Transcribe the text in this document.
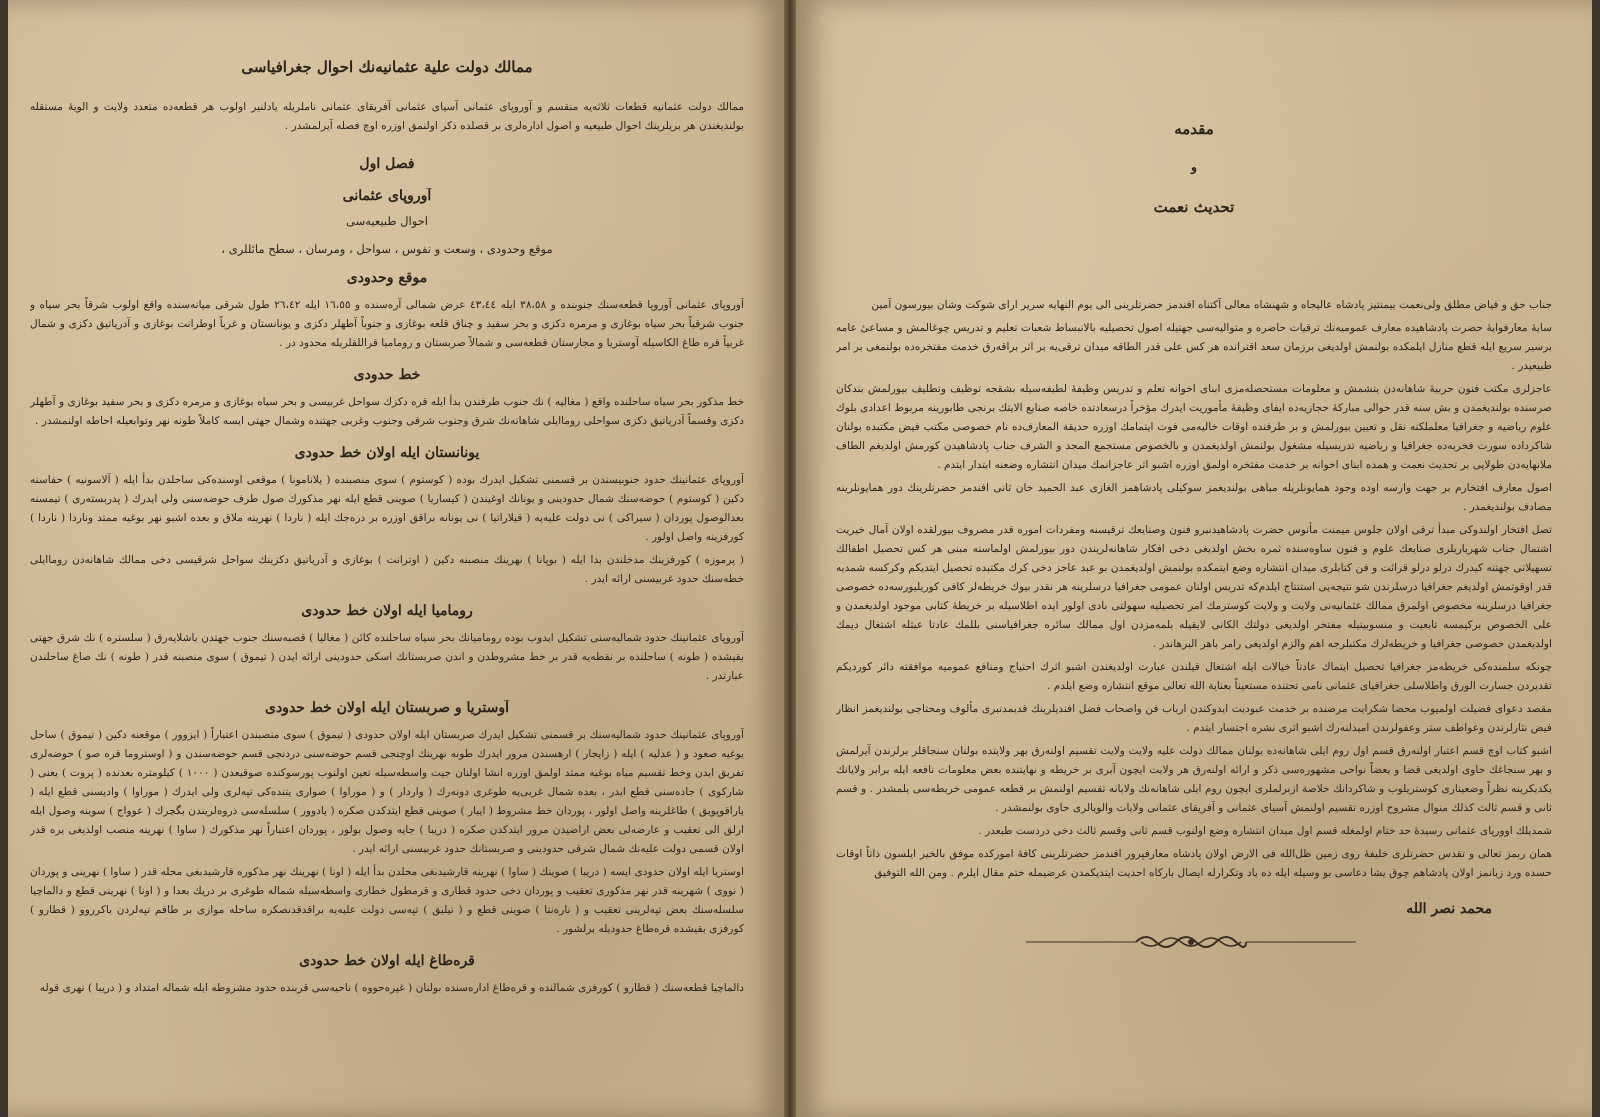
ممالك دولت علية عثمانيه‌نك احوال جغرافياسى
ممالك دولت عثمانيه قطعات ثلاثه‌يه منقسم و آوروپاى عثمانى آسياى عثمانى آفريقاى عثمانى ناملريله يادلنير اولوب هر قطعه‌ده متعدد ولايت و الويهٔ مستقله بولنديغندن هر بريلرينك احوال طبيعيه و اصول اداره‌لرى بر قصلده ذكر اولنمق اوزره اوچ فصله آيرلمشدر .
فصل اول
آوروپاى عثمانى
احوال طبيعيه‌سى
موقع وحدودى ، وسعت و نفوس ، سواحل ، ومرسان ، سطح مائللرى ،
موقع وحدودى
آوروپاى عثمانى آوروپا قطعه‌سنك جنوبنده و ٣٨،٥٨ ايله ٤٣،٤٤ عرض شمالى آره‌سنده و ١٦،٥٥ ايله ٢٦،٤٢ طول شرقى ميانه‌سنده واقع اولوب شرقاً بحر سياه و جنوب شرقياً بحر سياه بوغازى و مرمره دكزى و بحر سفيد و چناق قلعه بوغازى و جنوباً آطهلر دكزى و يونانستان و غرباً اوطرانت بوغازى و آدرياتيق دكزى و شمال غربياً قره طاغ الكاسيله آوستريا و مجارستان قطعه‌سى و شمالاً صربستان و روماميا قراللقلريله محدود در .
خط حدودى
خط مذكور بحر سياه ساحلنده واقع ( مغاليه ) نك جنوب طرفندن بدأ ايله قره دكزك سواحل غربيسى و بحر سياه بوغازى و مرمره دكزى و بحر سفيد بوغازى و آطهلر دكزى وقسماً آدرياتيق دكزى سواحلى روماايلى شاهانه‌نك شرق وجنوب شرقى وجنوب وغربى جهتنده وشمال جهتى ايسه كاملاً طونه نهر وتوابعيله احاطه اولنمشدر .
يونانستان ايله اولان خط حدودى
آوروپاى عثمانينك حدود جنوبيسندن بر قسمنى تشكيل ايدرك بوده ( كوستوم ) سوى منصبنده ( يلانامونا ) موقعى اوسنده‌كى ساحلدن بدأ ايله ( آلاسونيه ) حفاسنه دكين ( كوستوم ) حوضه‌سنك شمال حدودينى و يونانك اوغيندن ( كيساريا ) صوينى قطع ايله نهر مذكورك صول طرف حوضه‌سنى ولى ايدرك ( پدربسته‌رى ) تيمسنه بعدالوصول پوردان ( سيراكى ) نى دولت عليه‌يه ( قيلاراتيا ) نى يونانه براقق اوزره بر دره‌جك ايله ( ناردا ) نهرينه ملاق و بعده اشبو نهر بوغيه ممتد وناردا ( ناردا ) كورفزينه واصل اولور .
( پرموزه ) كورفزينك مدخلندن بدا ايله ( بوپانا ) نهرينك منصبنه دكين ( اوترانت ) بوغازى و آدرياتيق دكزينك سواحل شرقيسى دخى ممالك شاهانه‌دن روماايلى خطه‌سنك حدود غربيسنى ارائه ايدر .
روماميا ايله اولان خط حدودى
آوروپاى عثمانينك حدود شماليه‌سنى تشكيل ايدوب بوده روماميانك بحر سياه ساحلنده كائن ( مغاليا ) قصبه‌سنك جنوب جهتدن باشلايه‌رق ( سلستره ) نك شرق جهتى بقيشده ( طونه ) ساحلنده بر نقطه‌يه قدر بر خط مشروطدن و اندن صربستانك اسكى حدودينى ارائه ايدن ( تيموق ) سوى منصبنه قدر ( طونه ) نك صاغ ساحلندن عبارتدر .
آوستريا و صربستان ايله اولان خط حدودى
آوروپاى عثمانينك حدود شماليه‌سنك بر قسمنى تشكيل ايدرك صربستان ايله اولان حدودى ( تيموق ) سوى منصبندن اعتباراً ( ايزوور ) موقعنه دكين ( تيموق ) ساحل يوغيه صعود و ( عدليه ) ايله ( زايجار ) ارهسندن مرور ايدرك طونه نهرينك اوچنجى قسم حوضه‌سنى دردنجى قسم حوضه‌سندن و ( اوستروما قره صو ) حوضه‌لرى تفريق ايدن وخط تقسيم مياه بوغيه ممتد اولمق اوزره انشا اولنان جيت واسطه‌سيله تعين اولنوب پورسوكنده صوقيعدن ( ١٠٠٠ ) كيلومتره بعدنده ( پروت ) يعنى ( شاركوى ) جادەسنى قطع ايدر ، بعده شمال غربى‌يه طوغرى دونه‌رك ( واردار ) و ( موراوا ) صوارى يتنده‌كى تپه‌لرى ولى ايدرك ( موراوا ) واديسنى قطع ايله ( ياراقوپويق ) طاغلرينه واصل اولور ، پوردان خط مشروط ( ايبار ) صوينى قطع ايتدكدن صكره ( يادوور ) سلسله‌سى ذروه‌لريندن بگچرك ( عوواج ) سوينه وصول ايله ارلق الى تعقيب و عارضه‌لى بعض اراضيدن مرور ايتدكدن صكره ( دريبا ) جايه وصول بولور ، پوردان اعتباراً نهر مذكورك ( ساوا ) نهرينه منصب اولديغى يره قدر اولان قسمى دولت عليه‌نك شمال شرقى حدودينى و صربستانك حدود غربيسنى ارائه ايدر .
اوستريا ايله اولان حدودى ايسه ( دريبا ) صوينك ( ساوا ) نهرينه قارشيدبغى محلدن بدأ ايله ( اونا ) نهرينك نهر مذكوره قارشيدبغى محله قدر ( ساوا ) نهرينى و پوردان ( نووى ) شهرينه قدر نهر مذكورى تعقيب و پوردان دخى حدود قطارى و قرمطول خطارى واسطه‌سيله شماله طوغرى بر دريك بعدا و ( اونا ) نهرينى قطع و دالماچيا سلسله‌سنك بعض تپه‌لرينى تعقيب و ( نارەنتا ) صوينى قطع و ( تيليق ) تپه‌سى دولت عليه‌يه براقدقدنصكره ساحله موازى بر طاقم تپه‌لردن باكرروو ( قطارو ) كورفزى بقيشده قره‌طاغ حدوديله برلشور .
قره‌طاغ ايله اولان خط حدودى
دالماچيا قطعه‌سنك ( قطارو ) كورفزى شمالنده و قره‌طاغ اداره‌سنده بولنان ( غيره‌حووه ) ناحيه‌سى قربنده حدود مشروطه ايله شماله امتداد و ( دريبا ) نهرى قوله‌
مقدمه
و
تحديث نعمت
جناب حق و فياض مطلق ولى‌نعمت بيمنتيز پادشاه عاليجاه و شهنشاه معالى آكتناه افندمز حضرتلرينى الى يوم النهايه سرير اراى شوكت وشان بيورسون آمين
سايهٔ معارفوايهٔ حضرت پادشاهيده معارف عموميه‌نك ترقيات حاضره و متواليه‌سى جهتيله اصول تحصيليه بالانبساط شعبات تعليم و تدريس چوغالمش و مساعىٔ عامه برسير سريع ايله قطع منازل ايلمكده بولنمش اولديغى برزمان سعد اقترانده هر كس على قدر الطاقه ميدان ترقى‌يه بر اثر براقەرق خدمت مفتخره‌ده بولنمغى بر امر طبيعيدر .
عاجزلرى مكتب فنون حربيهٔ شاهانه‌دن يتشمش و معلومات مستحصله‌مزى ابناى اخوانه تعلم و تدريس وظيفهٔ لطيفه‌سيله بشقجه توظيف وتطليف بيورلمش بندكان صرسنده بولنديغمدن و بش سنه قدر حوالى مباركهٔ حجازيه‌ده ايفاى وظيفهٔ مأموريت ايدرك مؤخراً درسعادتده خاصه صنايع الايتك برنجى طابورينه مربوط اعدادى بلوك علوم رياضيه و جغرافيا معلملكنه نقل و تعيين بيورلمش و بر طرفنده اوقات خاليه‌مى فوت ايتمامك اوزره حديقة المعارف‌ده نام خصوصى مكتب فيض مكتبده بولنان شاكرداده سورت فخريه‌ده جغرافيا و رياضيه تدريسيله مشغول بولنمش اولديغمدن و بالخصوص مستجمع المجد و الشرف جناب پادشاهيدن كورمش اولديغم الطاف ملانهايه‌دن طولايى بر تحديث نعمت و همده ابناى اخوانه بر خدمت مفتخره اولمق اوزره اشبو اثر عاجزانمك ميدان انتشاره وضعنه ابتدار ايتدم .
اصول معارف افتخارم بر جهت وارسه اوده وجود همايونلريله مباهى بولنديغمز سوكيلى پادشاهمز الغازى عبد الحميد خان ثانى افندمز حضرتلرينك دور همايونلرينه مصادف بولنديغمدر .
تصل افتخار اولندوكى مبدأ ترقى اولان جلوس ميمنت مأنوس حضرت پادشاهيدنبرو فنون وصنايعك ترقيسنه ومفردات اموره قدر مصروف بيورلقده اولان آمال خيريت اشتمال جناب شهرياريلرى صنايعك علوم و فنون ساوه‌سنده ثمره بخش اولديغى دخى افكار شاهانه‌لريندن دور بيورلمش اولماسنه مبنى هر كس تحصيل اطفالك تسهيلاتى جهتنه كيدرك درلو درلو قرائت و فن كتابلرى ميدان انتشاره وضع ايتمكده بولنمش اولديغمدن بو عبد عاجز دخى كرك مكتبده تحصيل ايتديكم وكركسه شمديه قدر اوقوتمش اولديغم جغرافيا درسلرندن شو نتيجه‌يى استنتاج ايلدم‌كه تدريس اولنان عمومى جغرافيا درسلرينه هر نقدر بيوك خريطه‌لر كافى كوريليورسه‌ده خصوصى جغرافيا درسلرينه مخصوص اولمرق ممالك عثمانيه‌نى ولايت و ولايت كوسترمك امر تحصيليه سهولتى بادى اولور ايده اطلاسيله بر خريطهٔ كتابى موجود اولديغمدن و على الخصوص بركيمسه تابعيت و منسوبيتيله مفتخر اولديغى دولتك الكانى لايقيله بلمه‌مزدن اول ممالك سائره جغرافياسنى بللمك عادتا عبثله اشتغال ديمك اولديغمدن خصوصى جغرافيا و خريطه‌لرك مكتبلرجه اهم والزم اولديغى رامر باهر البرهاندر .
چونكه سلمنده‌كى خريطه‌مز جغرافيا تحصيل ايتماك عادتاً خيالات ايله اشتغال قيلندن عبارت اولديغندن اشبو اثرك احتياج ومنافع عموميه موافقته دائر كورديكم تقديردن جسارت الورق واطلاسلى جغرافياى عثمانى نامى تحتنده مستعيناً بعناية الله تعالى موقع انتشاره وضع ايلدم .
مقصد دعواى فضيلت اولميوب محضا شكرايت مرضنده بر خدمت عبوديت ايدوكندن ارباب فن واصحاب فضل افنديلرينك قديمدنبرى مألوف ومحتاجى بولنديغمز انظار فيض نثارلرندن وعواطف ستر وعفولرندن اميدلنه‌رك اشبو اثرى نشره اجتسار ايتدم .
اشبو كتاب اوچ قسم اعتبار اولنه‌رق قسم اول روم ايلى شاهانه‌ده بولنان ممالك دولت عليه ولايت ولايت تقسيم اولنه‌رق بهر ولايتده بولنان سنجاقلر برلرندن آيرلمش و بهر سنجاغك حاوى اولديغى قضا و بعضاً نواحى مشهوره‌سى ذكر و ارائه اولنه‌رق هر ولايت ايچون آيرى بر خريطه و نهايتنده بعض معلومات نافعه ايله برابر ولايانك يكديكرينه نظراً وضعيتارى كوستريلوب و شاكردانك خلاصة ازبرلملرى ايچون روم ايلى شاهانه‌نك ولايانه تقسيم اولنمش بر قطعه عمومى خريطه‌سى يلمشدر . و قسم ثانى و قسم ثالث كذلك منوال مشروح اوزره تقسيم اولنمش آسياى عثمانى و آفريقاى عثمانى ولايات والويالرى حاوى بولنمشدر .
شمديلك اوورپاى عثمانى رسيدهٔ حد ختام اولمغله قسم اول ميدان انتشاره وضع اولنوب قسم ثانى وقسم ثالث دخى دردست طبعدر .
همان ربمز تعالى و تقدس حضرتلرى خليفهٔ روى زمين ظل‌الله فى الارض اولان پادشاه معارفپرور افندمز حضرتلرينى كافهٔ اموركده موفق بالخير ايلسون ذاتاً اوقات حسده ورد زبانمز اولان پادشاهم چوق يشا دعاسى بو وسيله ايله ده ياد وتكرارله ايصال باركاه احديت ايتديكمدن عرضيمله ختم مقال ايلرم . ومن الله التوفيق
محمد نصر الله
